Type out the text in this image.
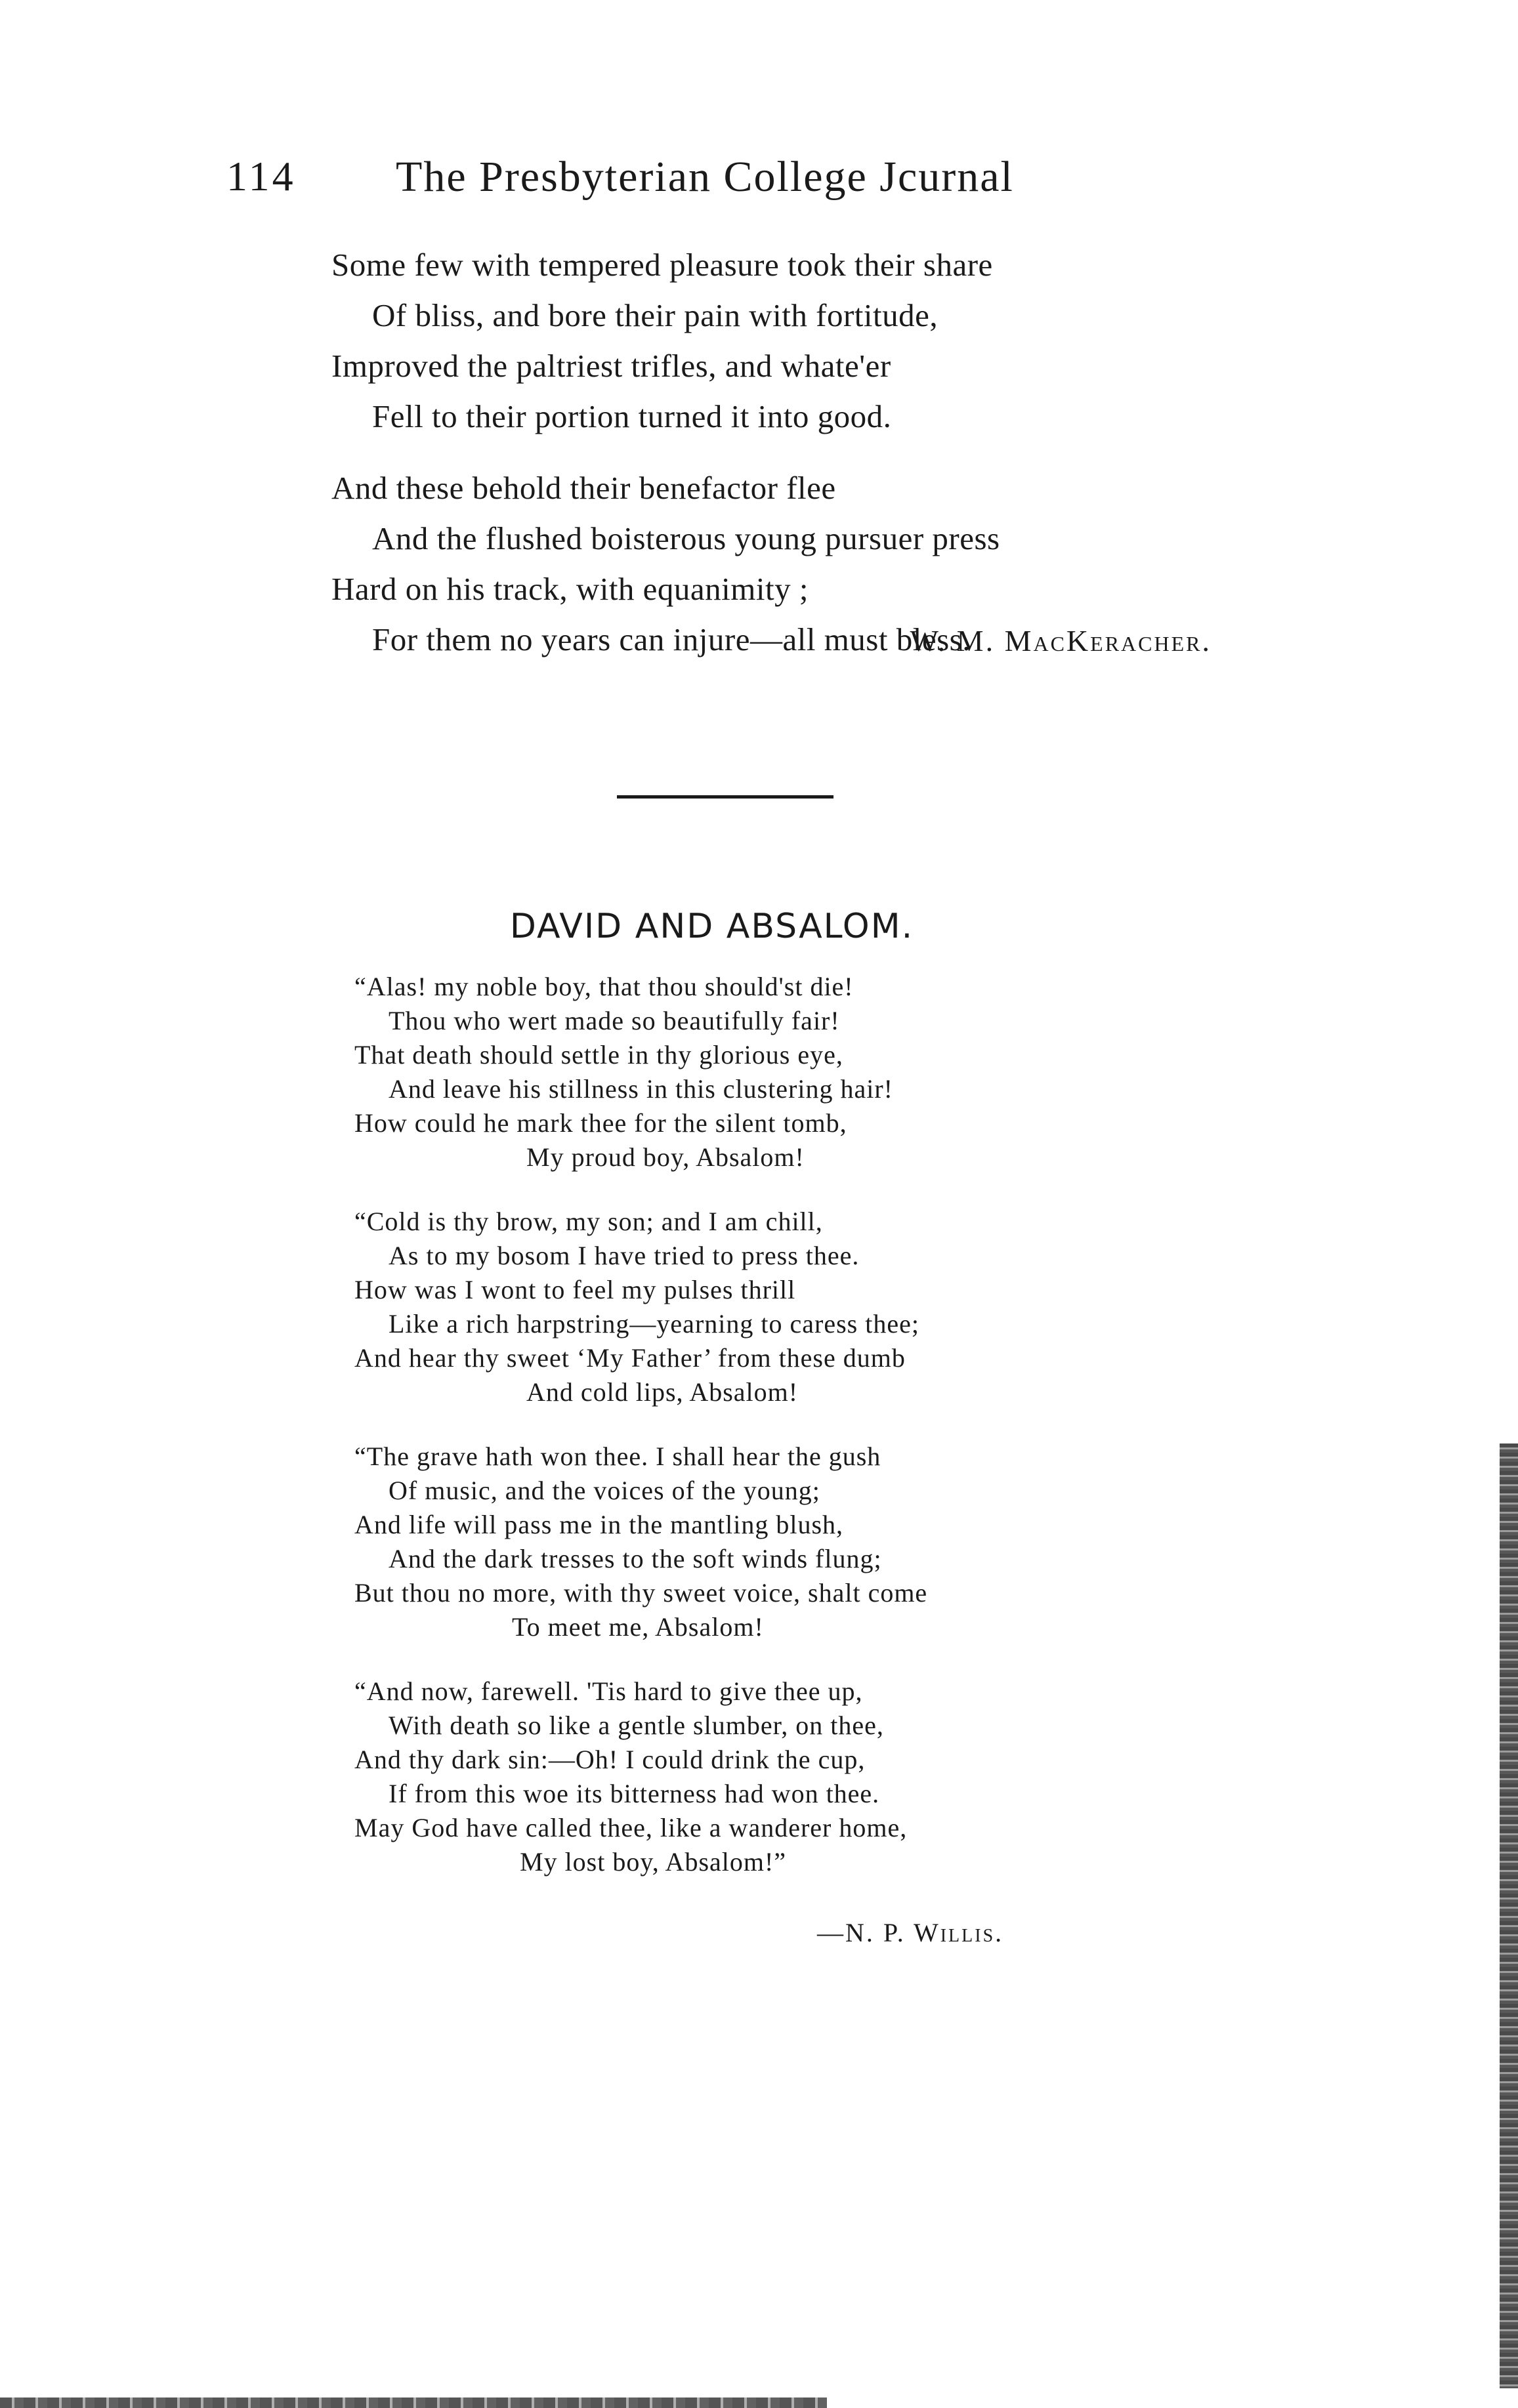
114 The Presbyterian College Jcurnal
Some few with tempered pleasure took their share
Of bliss, and bore their pain with fortitude,
Improved the paltriest trifles, and whate'er
Fell to their portion turned it into good.
And these behold their benefactor flee
And the flushed boisterous young pursuer press
Hard on his track, with equanimity ;
For them no years can injure—all must bless.
W. M. MacKeracher.
DAVID AND ABSALOM.
“Alas! my noble boy, that thou should'st die!
Thou who wert made so beautifully fair!
That death should settle in thy glorious eye,
And leave his stillness in this clustering hair!
How could he mark thee for the silent tomb,
My proud boy, Absalom!
“Cold is thy brow, my son; and I am chill,
As to my bosom I have tried to press thee.
How was I wont to feel my pulses thrill
Like a rich harpstring—yearning to caress thee;
And hear thy sweet ‘My Father’ from these dumb
And cold lips, Absalom!
“The grave hath won thee. I shall hear the gush
Of music, and the voices of the young;
And life will pass me in the mantling blush,
And the dark tresses to the soft winds flung;
But thou no more, with thy sweet voice, shalt come
To meet me, Absalom!
“And now, farewell. 'Tis hard to give thee up,
With death so like a gentle slumber, on thee,
And thy dark sin:—Oh! I could drink the cup,
If from this woe its bitterness had won thee.
May God have called thee, like a wanderer home,
My lost boy, Absalom!”
—N. P. Willis.
